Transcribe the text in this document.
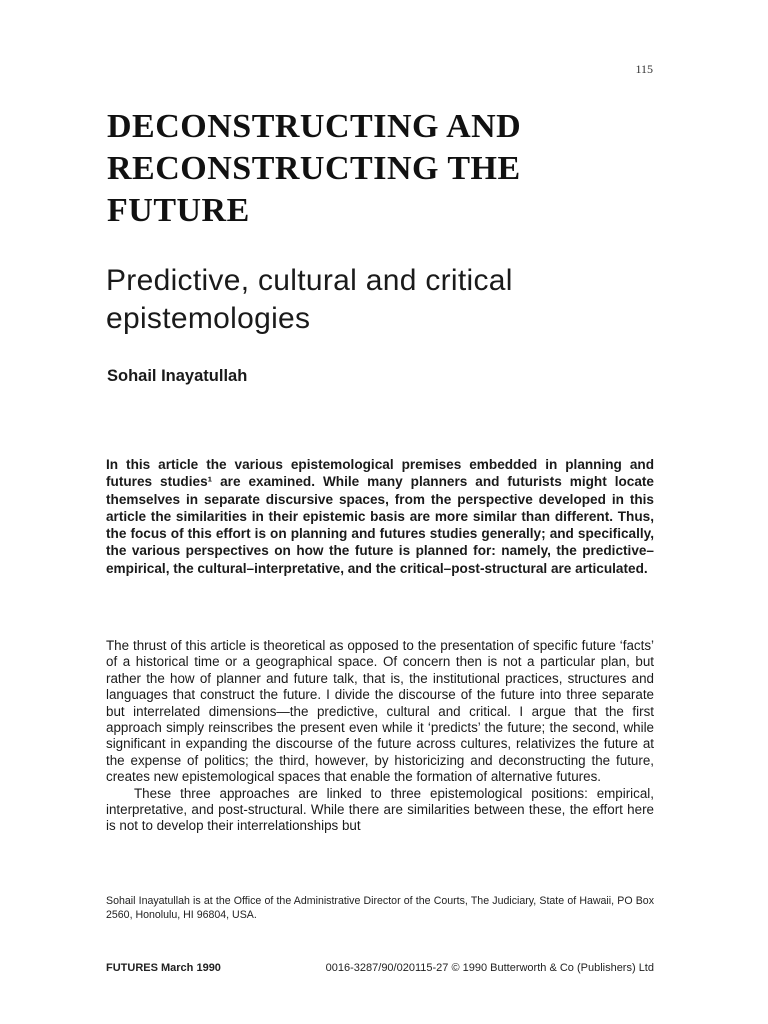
115
DECONSTRUCTING AND
RECONSTRUCTING THE
FUTURE
Predictive, cultural and critical
epistemologies

Sohail Inayatullah

In this article the various epistemological premises embedded in planning and futures studies¹ are examined. While many planners and futurists might locate themselves in separate discursive spaces, from the perspective developed in this article the similarities in their epistemic basis are more similar than different. Thus, the focus of this effort is on planning and futures studies generally; and specifically, the various perspectives on how the future is planned for: namely, the predictive–empirical, the cultural–interpretative, and the critical–post-structural are articulated.

The thrust of this article is theoretical as opposed to the presentation of specific future ‘facts’ of a historical time or a geographical space. Of concern then is not a particular plan, but rather the how of planner and future talk, that is, the institutional practices, structures and languages that construct the future. I divide the discourse of the future into three separate but interrelated dimensions—the predictive, cultural and critical. I argue that the first approach simply reinscribes the present even while it ‘predicts’ the future; the second, while significant in expanding the discourse of the future across cultures, relativizes the future at the expense of politics; the third, however, by historicizing and deconstructing the future, creates new epistemological spaces that enable the formation of alternative futures.

These three approaches are linked to three epistemological positions: empirical, interpretative, and post-structural. While there are similarities between these, the effort here is not to develop their interrelationships but

Sohail Inayatullah is at the Office of the Administrative Director of the Courts, The Judiciary, State of Hawaii, PO Box 2560, Honolulu, HI 96804, USA.

FUTURES March 1990	0016-3287/90/020115-27 © 1990 Butterworth & Co (Publishers) Ltd
